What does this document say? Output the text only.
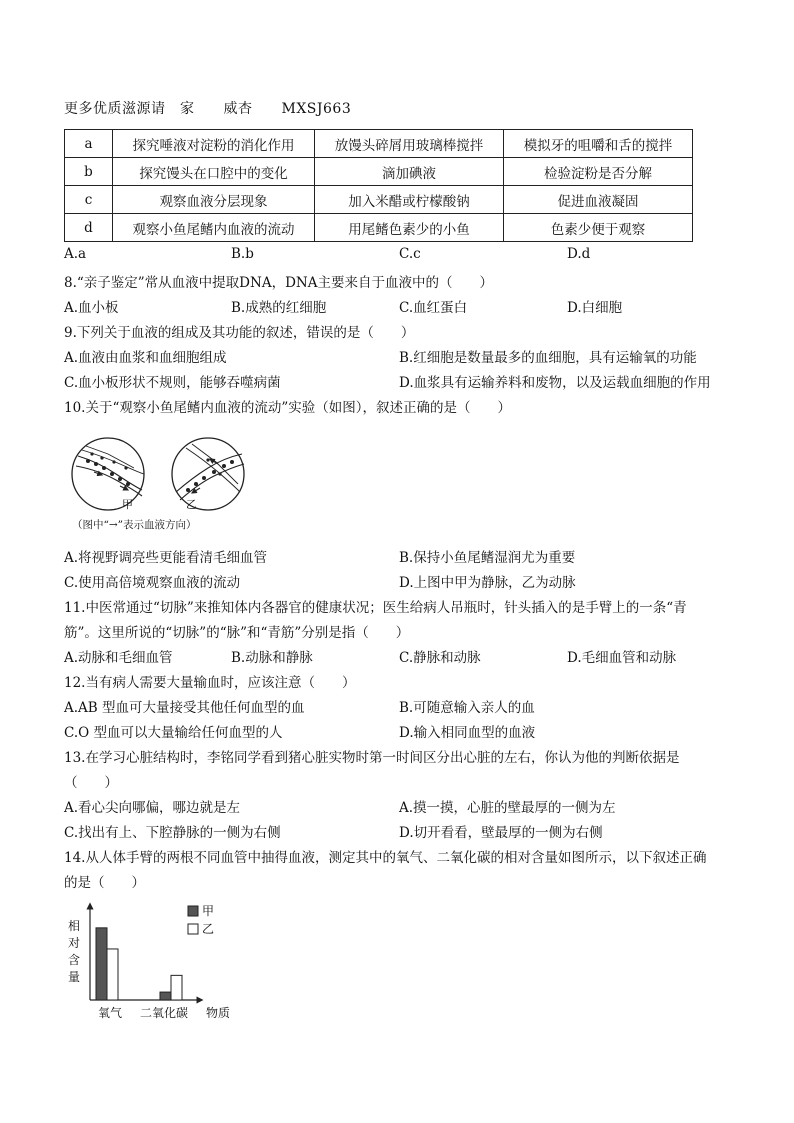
更多优质滋源请　家　　威杏　　MXSJ663
a	探究唾液对淀粉的消化作用	放馒头碎屑用玻璃棒搅拌	模拟牙的咀嚼和舌的搅拌
b	探究馒头在口腔中的变化	滴加碘液	检验淀粉是否分解
c	观察血液分层现象	加入米醋或柠檬酸钠	促进血液凝固
d	观察小鱼尾鳍内血液的流动	用尾鳍色素少的小鱼	色素少便于观察
A.a	B.b	C.c	D.d
8.“亲子鉴定”常从血液中提取DNA，DNA主要来自于血液中的（　　）
A.血小板	B.成熟的红细胞	C.血红蛋白	D.白细胞
9.下列关于血液的组成及其功能的叙述，错误的是（　　）
A.血液由血浆和血细胞组成	B.红细胞是数量最多的血细胞，具有运输氧的功能
C.血小板形状不规则，能够吞噬病菌	D.血浆具有运输养料和废物，以及运载血细胞的作用
10.关于“观察小鱼尾鳍内血液的流动”实验（如图），叙述正确的是（　　）
甲	乙
（图中“→”表示血液方向）
A.将视野调亮些更能看清毛细血管	B.保持小鱼尾鳍湿润尤为重要
C.使用高倍境观察血液的流动	D.上图中甲为静脉，乙为动脉
11.中医常通过“切脉”来推知体内各器官的健康状况；医生给病人吊瓶时，针头插入的是手臂上的一条“青
筋”。这里所说的“切脉”的“脉”和“青筋”分别是指（　　）
A.动脉和毛细血管	B.动脉和静脉	C.静脉和动脉	D.毛细血管和动脉
12.当有病人需要大量输血时，应该注意（　　）
A.AB 型血可大量接受其他任何血型的血	B.可随意输入亲人的血
C.O 型血可以大量输给任何血型的人	D.输入相同血型的血液
13.在学习心脏结构时，李铭同学看到猪心脏实物时第一时间区分出心脏的左右，你认为他的判断依据是
（　　）
A.看心尖向哪偏，哪边就是左	A.摸一摸，心脏的壁最厚的一侧为左
C.找出有上、下腔静脉的一侧为右侧	D.切开看看，壁最厚的一侧为右侧
14.从人体手臂的两根不同血管中抽得血液，测定其中的氧气、二氧化碳的相对含量如图所示，以下叙述正确
的是（　　）
相
对
含
量
甲
乙
氧气 二氧化碳 物质
